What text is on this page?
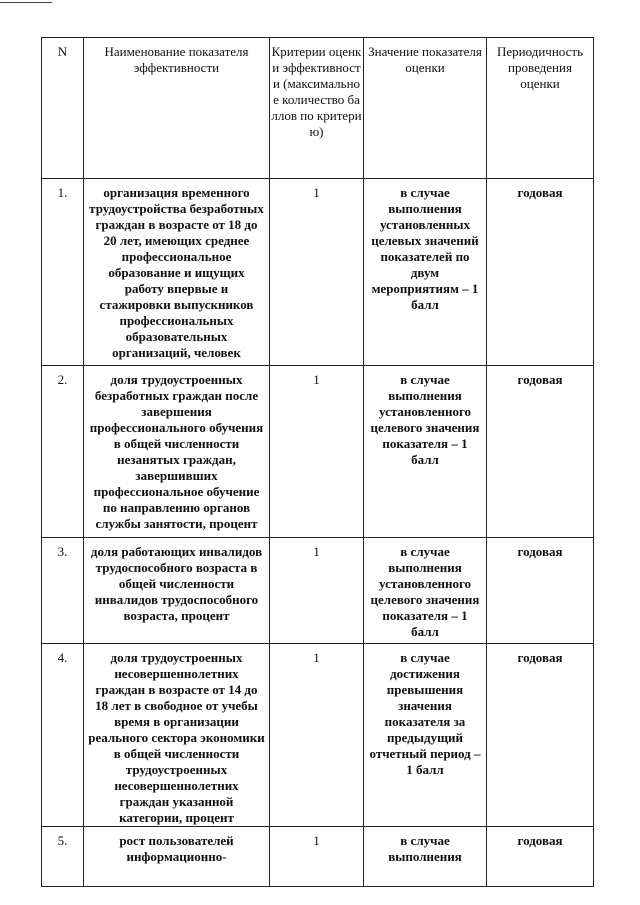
N	Наименование показателя эффективности	Критерии оценки эффективност и (максимальное количество баллов по критерию)	Значение показателя оценки	Периодичность проведения оценки

1.	организация временного трудоустройства безработных граждан в возрасте от 18 до 20 лет, имеющих среднее профессиональное образование и ищущих работу впервые и стажировки выпускников профессиональных образовательных организаций, человек	1	в случае выполнения установленных целевых значений показателей по двум мероприятиям – 1 балл	годовая

2.	доля трудоустроенных безработных граждан после завершения профессионального обучения в общей численности незанятых граждан, завершивших профессиональное обучение по направлению органов службы занятости, процент	1	в случае выполнения установленного целевого значения показателя – 1 балл	годовая

3.	доля работающих инвалидов трудоспособного возраста в общей численности инвалидов трудоспособного возраста, процент	1	в случае выполнения установленного целевого значения показателя – 1 балл	годовая

4.	доля трудоустроенных несовершеннолетних граждан в возрасте от 14 до 18 лет в свободное от учебы время в организации реального сектора экономики в общей численности трудоустроенных несовершеннолетних граждан указанной категории, процент	1	в случае достижения превышения значения показателя за предыдущий отчетный период – 1 балл	годовая

5.	рост пользователей информационно-	1	в случае выполнения	годовая
